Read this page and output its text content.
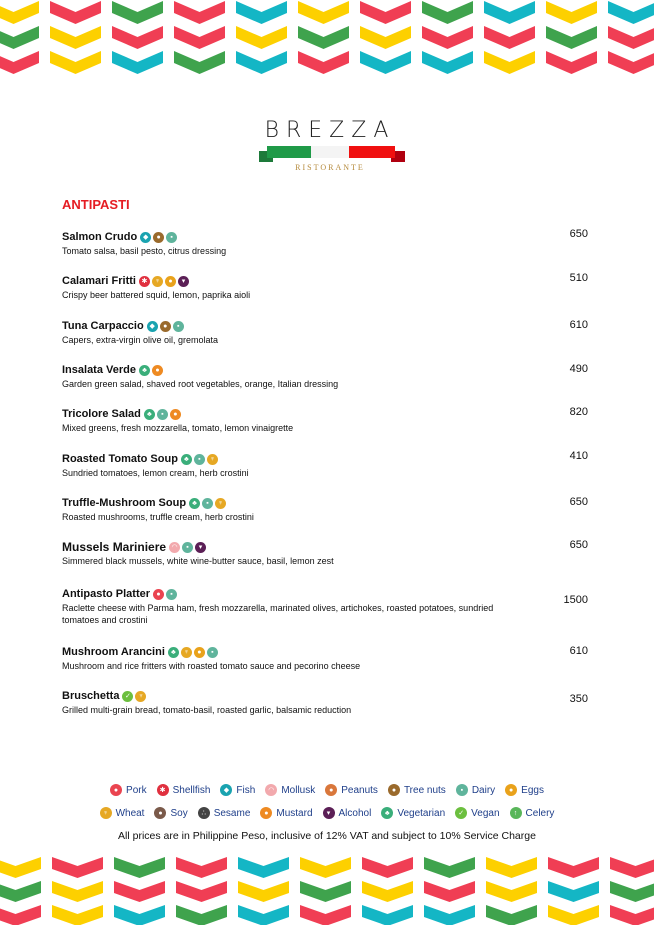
BREZZA
RISTORANTE
ANTIPASTI
Salmon Crudo ◆	●	▪
Tomato salsa, basil pesto, citrus dressing
650
Calamari Fritti ✱	♆	●	▾
Crispy beer battered squid, lemon, paprika aioli
510
Tuna Carpaccio ◆	●	▪
Capers, extra-virgin olive oil, gremolata
610
Insalata Verde ♣	●
Garden green salad, shaved root vegetables, orange, Italian dressing
490
Tricolore Salad ♣	▪	●
Mixed greens, fresh mozzarella, tomato, lemon vinaigrette
820
Roasted Tomato Soup ♣	▪	♆
Sundried tomatoes, lemon cream, herb crostini
410
Truffle-Mushroom Soup ♣	▪	♆
Roasted mushrooms, truffle cream, herb crostini
650
Mussels Mariniere ◠	▪	▾
Simmered black mussels, white wine-butter sauce, basil, lemon zest
650
Antipasto Platter ●	▪
Raclette cheese with Parma ham, fresh mozzarella, marinated olives, artichokes, roasted potatoes, sundried tomatoes and crostini
1500
Mushroom Arancini ♣	♆	●	▪
Mushroom and rice fritters with roasted tomato sauce and pecorino cheese
610
Bruschetta ✓	♆
Grilled multi-grain bread, tomato-basil, roasted garlic, balsamic reduction
350
● Pork	✱ Shellfish	◆ Fish	◠ Mollusk	● Peanuts	● Tree nuts	▪ Dairy	● Eggs
♆ Wheat	● Soy	∴ Sesame	● Mustard	▾ Alcohol	♣ Vegetarian	✓ Vegan	↑ Celery
All prices are in Philippine Peso, inclusive of 12% VAT and subject to 10% Service Charge
